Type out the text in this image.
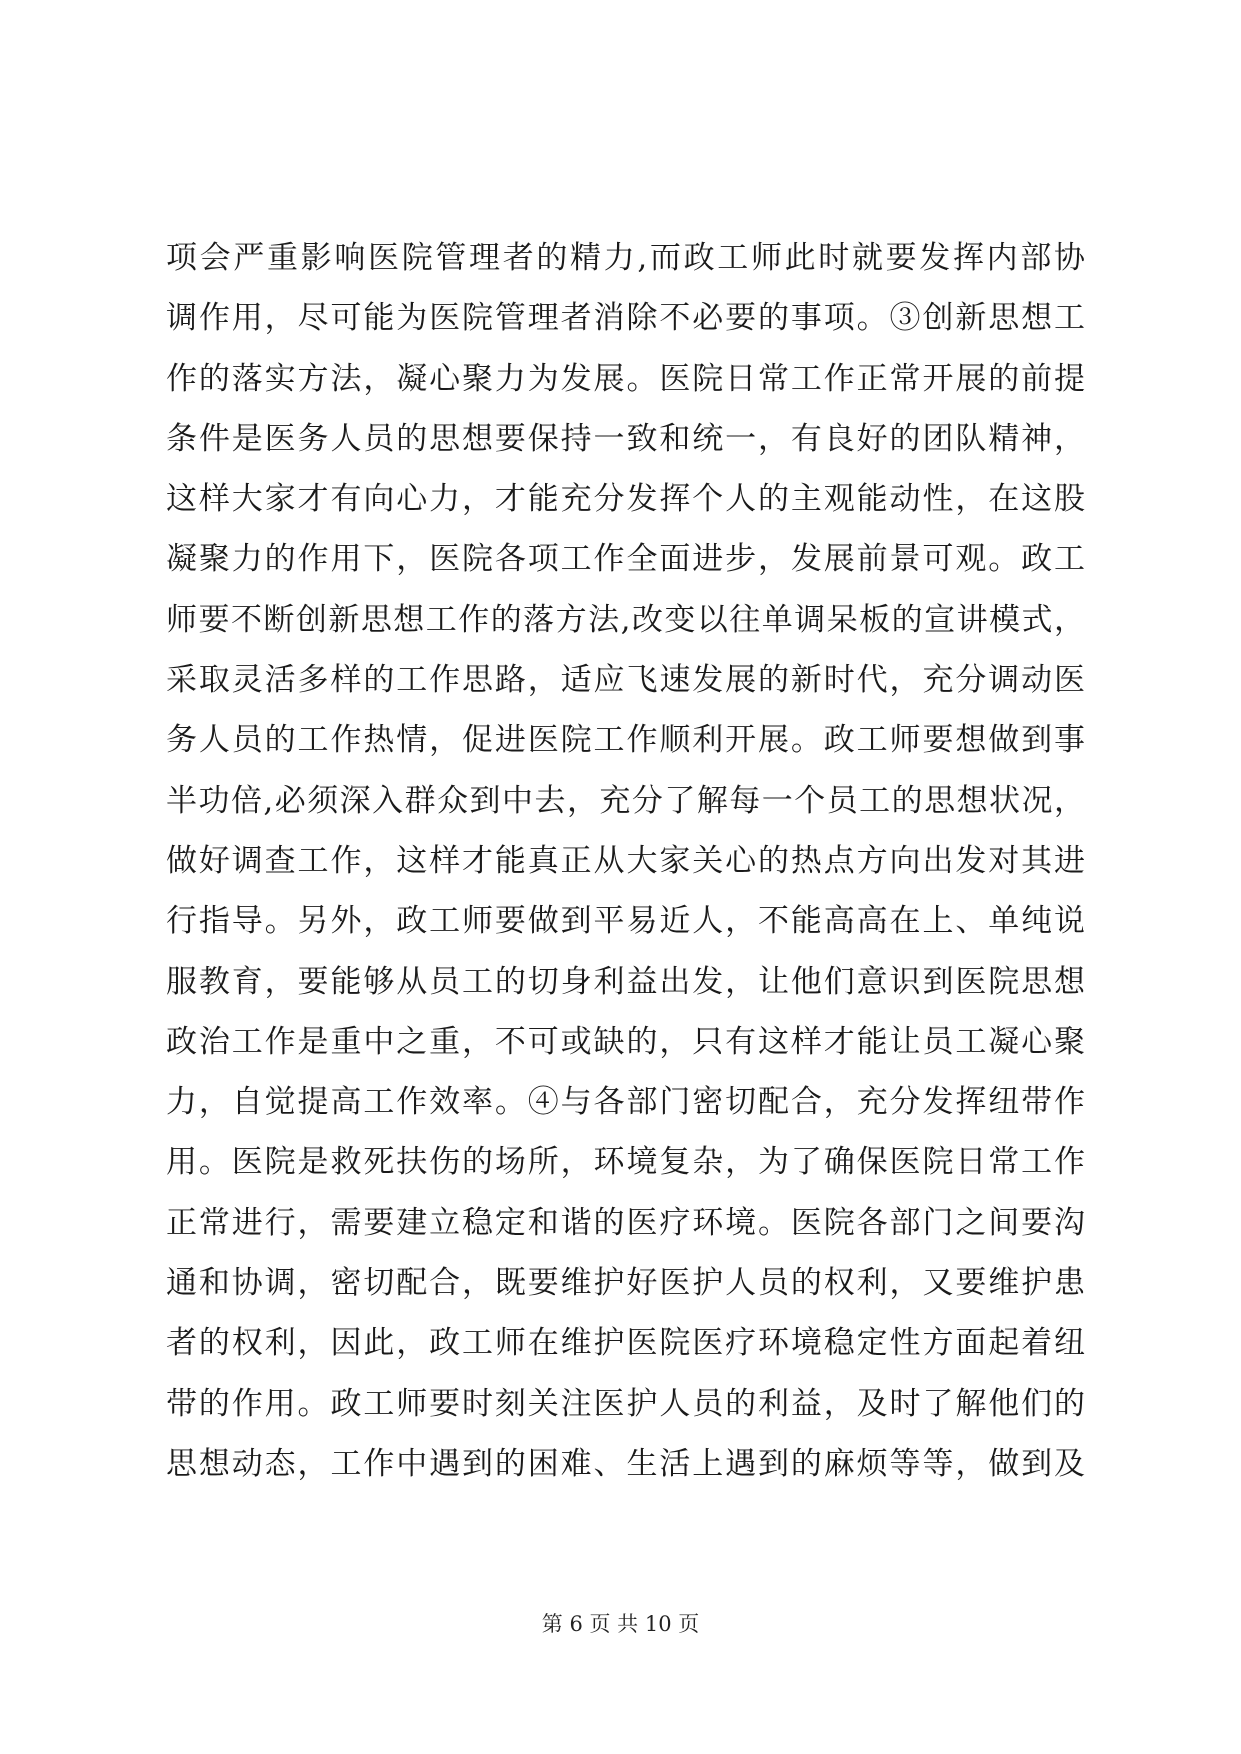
项会严重影响医院管理者的精力,而政工师此时就要发挥内部协
调作用，尽可能为医院管理者消除不必要的事项。③创新思想工
作的落实方法，凝心聚力为发展。医院日常工作正常开展的前提
条件是医务人员的思想要保持一致和统一，有良好的团队精神，
这样大家才有向心力，才能充分发挥个人的主观能动性，在这股
凝聚力的作用下，医院各项工作全面进步，发展前景可观。政工
师要不断创新思想工作的落方法,改变以往单调呆板的宣讲模式，
采取灵活多样的工作思路，适应飞速发展的新时代，充分调动医
务人员的工作热情，促进医院工作顺利开展。政工师要想做到事
半功倍,必须深入群众到中去，充分了解每一个员工的思想状况，
做好调查工作，这样才能真正从大家关心的热点方向出发对其进
行指导。另外，政工师要做到平易近人，不能高高在上、单纯说
服教育，要能够从员工的切身利益出发，让他们意识到医院思想
政治工作是重中之重，不可或缺的，只有这样才能让员工凝心聚
力，自觉提高工作效率。④与各部门密切配合，充分发挥纽带作
用。医院是救死扶伤的场所，环境复杂，为了确保医院日常工作
正常进行，需要建立稳定和谐的医疗环境。医院各部门之间要沟
通和协调，密切配合，既要维护好医护人员的权利，又要维护患
者的权利，因此，政工师在维护医院医疗环境稳定性方面起着纽
带的作用。政工师要时刻关注医护人员的利益，及时了解他们的
思想动态，工作中遇到的困难、生活上遇到的麻烦等等，做到及
第 6 页 共 10 页
